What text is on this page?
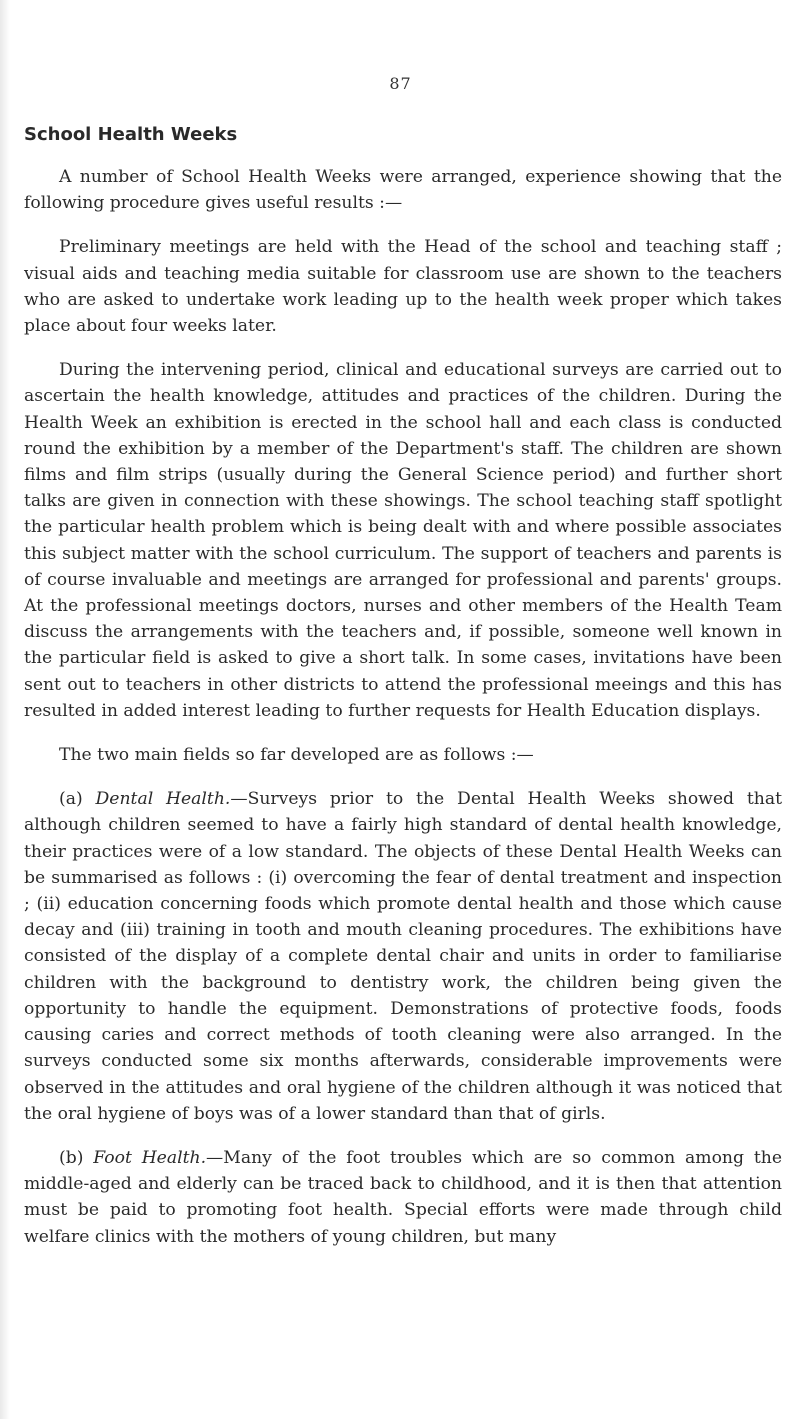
87
School Health Weeks

A number of School Health Weeks were arranged, experience showing that the following procedure gives useful results :—

Preliminary meetings are held with the Head of the school and teaching staff ; visual aids and teaching media suitable for classroom use are shown to the teachers who are asked to undertake work leading up to the health week proper which takes place about four weeks later.

During the intervening period, clinical and educational surveys are carried out to ascertain the health knowledge, attitudes and practices of the children. During the Health Week an exhibition is erected in the school hall and each class is conducted round the exhibition by a member of the Department's staff. The children are shown films and film strips (usually during the General Science period) and further short talks are given in connection with these showings. The school teaching staff spotlight the particular health problem which is being dealt with and where possible associates this subject matter with the school curriculum. The support of teachers and parents is of course invaluable and meetings are arranged for professional and parents' groups. At the professional meetings doctors, nurses and other members of the Health Team discuss the arrangements with the teachers and, if possible, someone well known in the particular field is asked to give a short talk. In some cases, invitations have been sent out to teachers in other districts to attend the professional meeings and this has resulted in added interest leading to further requests for Health Education displays.

The two main fields so far developed are as follows :—

(a) Dental Health.—Surveys prior to the Dental Health Weeks showed that although children seemed to have a fairly high standard of dental health knowledge, their practices were of a low standard. The objects of these Dental Health Weeks can be summarised as follows : (i) overcoming the fear of dental treatment and inspection ; (ii) education concerning foods which promote dental health and those which cause decay and (iii) training in tooth and mouth cleaning procedures. The exhibitions have consisted of the display of a complete dental chair and units in order to familiarise children with the background to dentistry work, the children being given the opportunity to handle the equipment. Demonstrations of protective foods, foods causing caries and correct methods of tooth cleaning were also arranged. In the surveys conducted some six months afterwards, considerable improvements were observed in the attitudes and oral hygiene of the children although it was noticed that the oral hygiene of boys was of a lower standard than that of girls.

(b) Foot Health.—Many of the foot troubles which are so common among the middle-aged and elderly can be traced back to childhood, and it is then that attention must be paid to promoting foot health. Special efforts were made through child welfare clinics with the mothers of young children, but many
